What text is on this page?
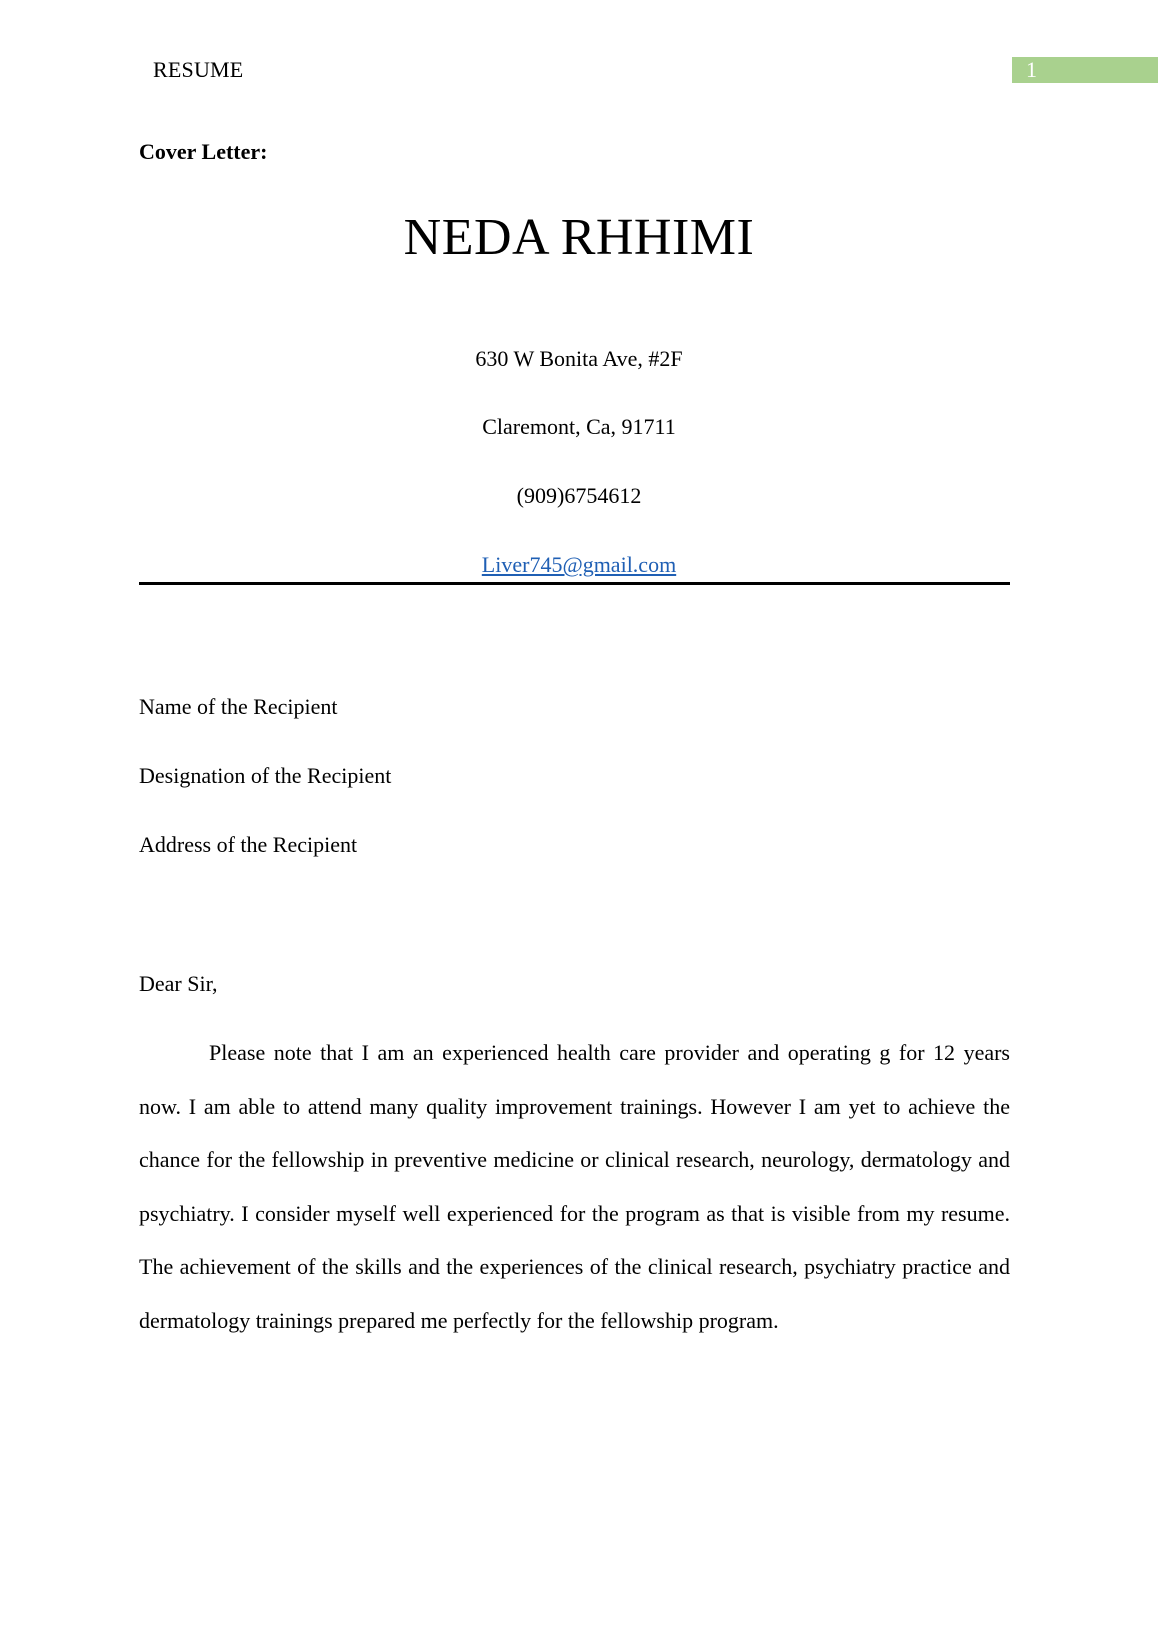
RESUME	1
Cover Letter:
NEDA RHHIMI
630 W Bonita Ave, #2F
Claremont, Ca, 91711
(909)6754612
Liver745@gmail.com
Name of the Recipient
Designation of the Recipient
Address of the Recipient
Dear Sir,

Please note that I am an experienced health care provider and operating g for 12 years now. I am able to attend many quality improvement trainings. However I am yet to achieve the chance for the fellowship in preventive medicine or clinical research, neurology, dermatology and psychiatry. I consider myself well experienced for the program as that is visible from my resume. The achievement of the skills and the experiences of the clinical research, psychiatry practice and dermatology trainings prepared me perfectly for the fellowship program.
